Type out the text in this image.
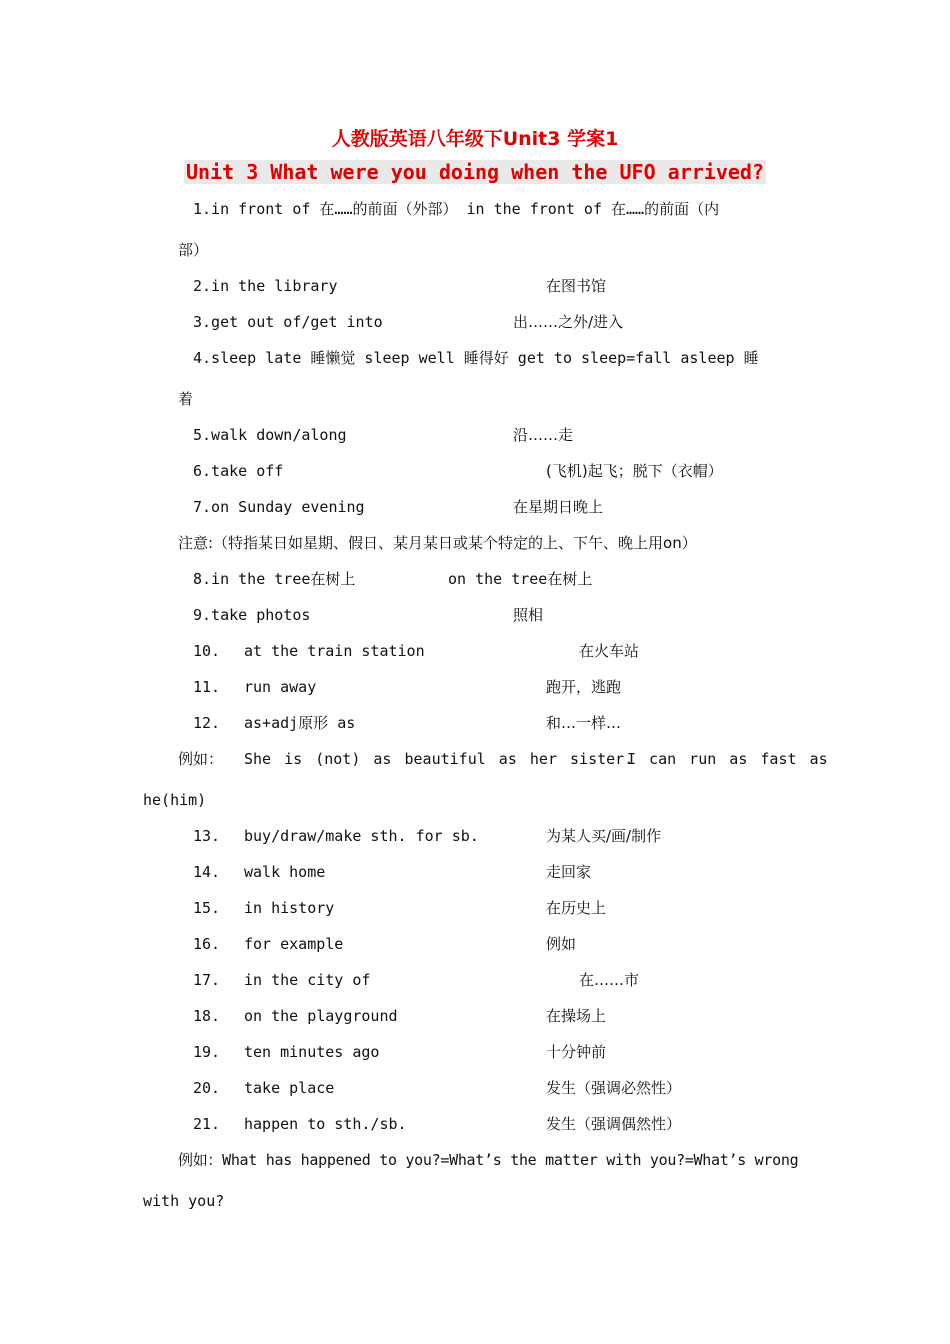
人教版英语八年级下Unit3 学案1
Unit 3 What were you doing when the UFO arrived?
1.in front of 在……的前面（外部） in the front of 在……的前面（内
部）
2.in the library	在图书馆
3.get out of/get into	出……之外/进入
4.sleep late 睡懒觉 sleep well 睡得好 get to sleep=fall asleep 睡
着
5.walk down/along	沿……走
6.take off	(飞机)起飞；脱下（衣帽）
7.on Sunday evening	在星期日晚上
注意:（特指某日如星期、假日、某月某日或某个特定的上、下午、晚上用on）
8.in the tree在树上	on the tree在树上
9.take photos	照相
10. at the train station	在火车站
11. run away	跑开，逃跑
12. as+adj原形 as	和…一样…
例如： She is (not) as beautiful as her sister.
I can run as fast as
he(him)
13. buy/draw/make sth. for sb.	为某人买/画/制作
14. walk home	走回家
15. in history	在历史上
16. for example	例如
17. in the city of	在……市
18. on the playground	在操场上
19. ten minutes ago	十分钟前
20. take place	发生（强调必然性）
21. happen to sth./sb.	发生（强调偶然性）
例如：What has happened to you?=What’s the matter with you?=What’s wrong
with you?
